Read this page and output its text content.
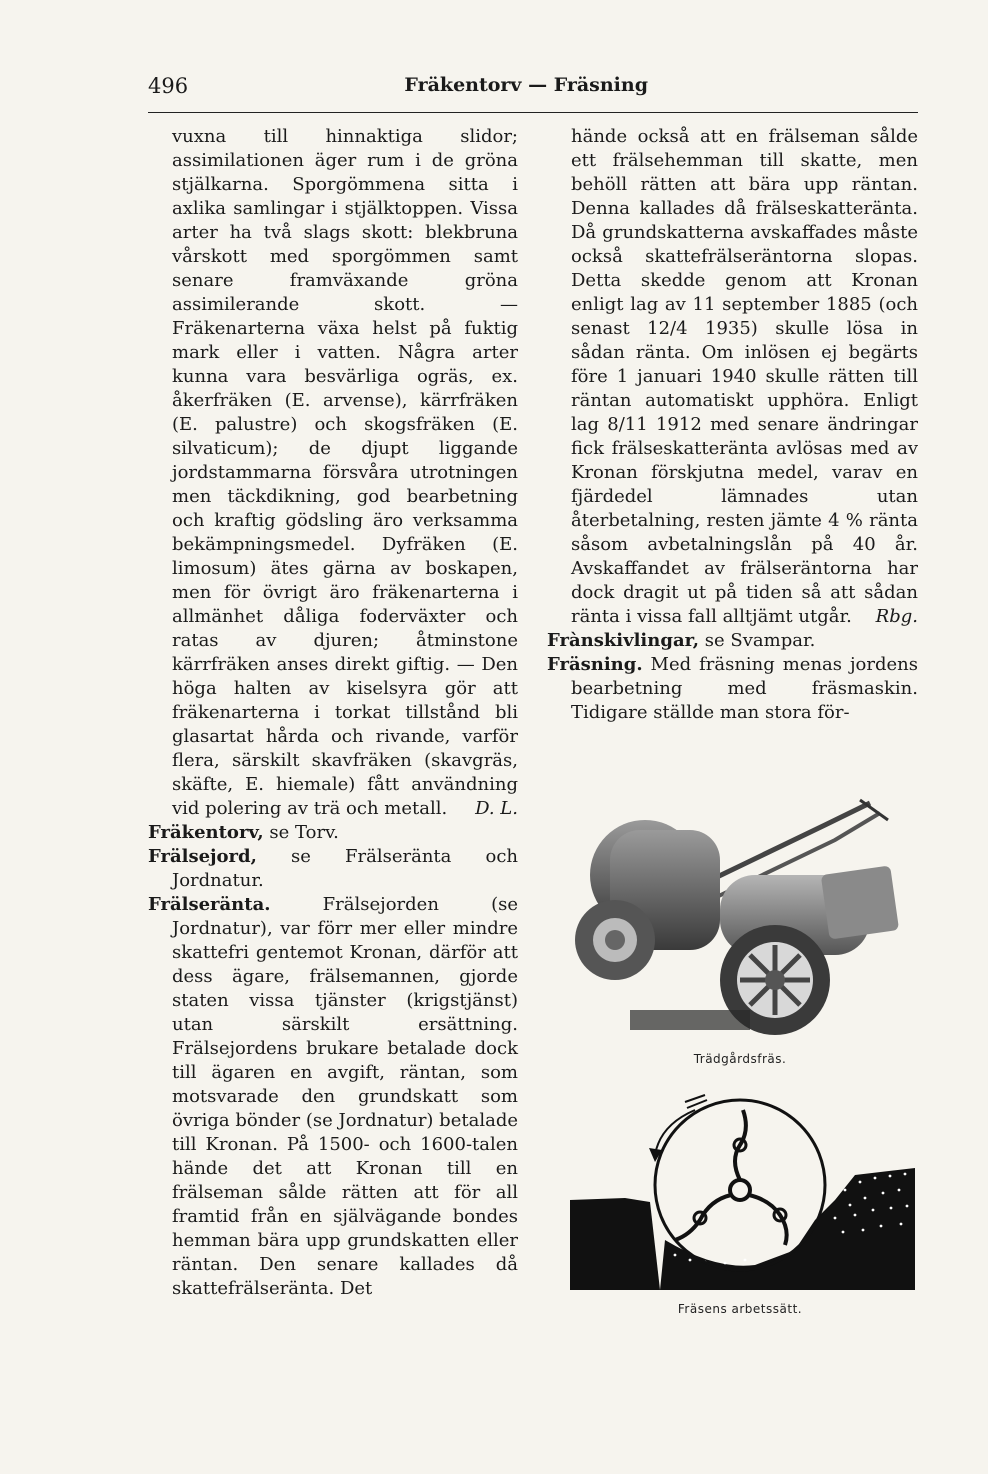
496	Fräkentorv — Fräsning

vuxna till hinnaktiga slidor; assimilationen äger rum i de gröna stjälkarna. Sporgömmena sitta i axlika samlingar i stjälktoppen. Vissa arter ha två slags skott: blekbruna vårskott med sporgömmen samt senare framväxande gröna assimilerande skott. — Fräkenarterna växa helst på fuktig mark eller i vatten. Några arter kunna vara besvärliga ogräs, ex. åkerfräken (E. arvense), kärrfräken (E. palustre) och skogsfräken (E. silvaticum); de djupt liggande jordstammarna försvåra utrotningen men täckdikning, god bearbetning och kraftig gödsling äro verksamma bekämpningsmedel. Dyfräken (E. limosum) ätes gärna av boskapen, men för övrigt äro fräkenarterna i allmänhet dåliga foderväxter och ratas av djuren; åtminstone kärrfräken anses direkt giftig. — Den höga halten av kiselsyra gör att fräkenarterna i torkat tillstånd bli glasartat hårda och rivande, varför flera, särskilt skavfräken (skavgräs, skäfte, E. hiemale) fått användning vid polering av trä och metall. D. L.

Fräkentorv, se Torv.

Frälsejord, se Frälseränta och Jordnatur.

Frälseränta. Frälsejorden (se Jordnatur), var förr mer eller mindre skattefri gentemot Kronan, därför att dess ägare, frälsemannen, gjorde staten vissa tjänster (krigstjänst) utan särskilt ersättning. Frälsejordens brukare betalade dock till ägaren en avgift, räntan, som motsvarade den grundskatt som övriga bönder (se Jordnatur) betalade till Kronan. På 1500- och 1600-talen hände det att Kronan till en frälseman sålde rätten att för all framtid från en självägande bondes hemman bära upp grundskatten eller räntan. Den senare kallades då skattefrälseränta. Det

hände också att en frälseman sålde ett frälsehemman till skatte, men behöll rätten att bära upp räntan. Denna kallades då frälseskatteränta. Då grundskatterna avskaffades måste också skattefrälseräntorna slopas. Detta skedde genom att Kronan enligt lag av 11 september 1885 (och senast 12/4 1935) skulle lösa in sådan ränta. Om inlösen ej begärts före 1 januari 1940 skulle rätten till räntan automatiskt upphöra. Enligt lag 8/11 1912 med senare ändringar fick frälseskatteränta avlösas med av Kronan förskjutna medel, varav en fjärdedel lämnades utan återbetalning, resten jämte 4 % ränta såsom avbetalningslån på 40 år. Avskaffandet av frälseräntorna har dock dragit ut på tiden så att sådan ränta i vissa fall alltjämt utgår. Rbg.

Frànskivlingar, se Svampar.

Fräsning. Med fräsning menas jordens bearbetning med fräsmaskin. Tidigare ställde man stora för-

Trädgårdsfräs.
Fräsens arbetssätt.
